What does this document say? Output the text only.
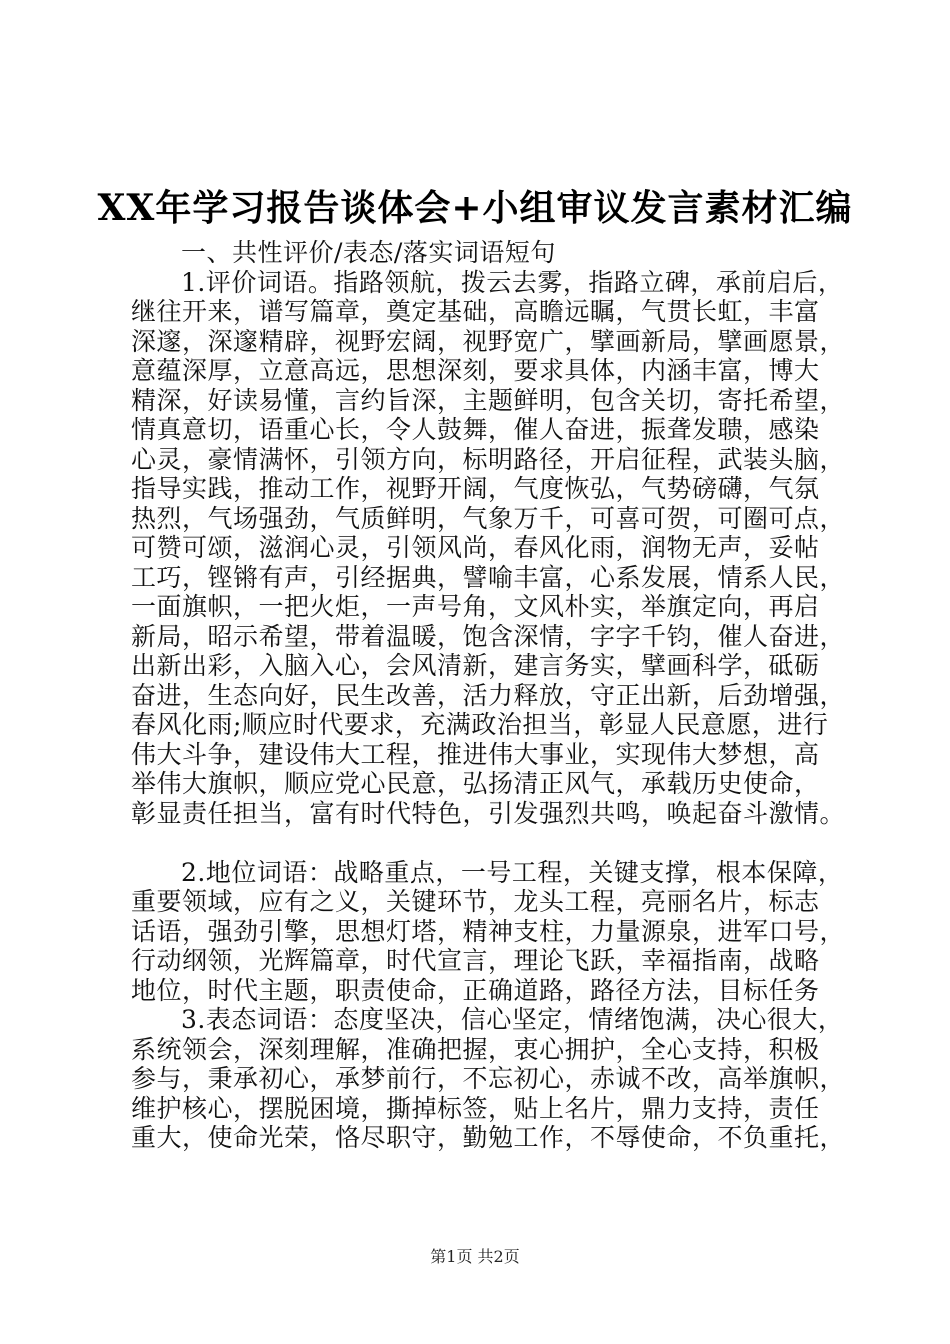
XX年学习报告谈体会+小组审议发言素材汇编
一、共性评价/表态/落实词语短句
1.评价词语。指路领航，拨云去雾，指路立碑，承前启后，
继往开来，谱写篇章，奠定基础，高瞻远瞩，气贯长虹，丰富
深邃，深邃精辟，视野宏阔，视野宽广，擘画新局，擘画愿景，
意蕴深厚，立意高远，思想深刻，要求具体，内涵丰富，博大
精深，好读易懂，言约旨深，主题鲜明，包含关切，寄托希望，
情真意切，语重心长，令人鼓舞，催人奋进，振聋发聩，感染
心灵，豪情满怀，引领方向，标明路径，开启征程，武装头脑，
指导实践，推动工作，视野开阔，气度恢弘，气势磅礴，气氛
热烈，气场强劲，气质鲜明，气象万千，可喜可贺，可圈可点，
可赞可颂，滋润心灵，引领风尚，春风化雨，润物无声，妥帖
工巧，铿锵有声，引经据典，譬喻丰富，心系发展，情系人民，
一面旗帜，一把火炬，一声号角，文风朴实，举旗定向，再启
新局，昭示希望，带着温暖，饱含深情，字字千钧，催人奋进，
出新出彩，入脑入心，会风清新，建言务实，擘画科学，砥砺
奋进，生态向好，民生改善，活力释放，守正出新，后劲增强，
春风化雨;顺应时代要求，充满政治担当，彰显人民意愿，进行
伟大斗争，建设伟大工程，推进伟大事业，实现伟大梦想，高
举伟大旗帜，顺应党心民意，弘扬清正风气，承载历史使命，
彰显责任担当，富有时代特色，引发强烈共鸣，唤起奋斗激情。
2.地位词语：战略重点，一号工程，关键支撑，根本保障，
重要领域，应有之义，关键环节，龙头工程，亮丽名片，标志
话语，强劲引擎，思想灯塔，精神支柱，力量源泉，进军口号，
行动纲领，光辉篇章，时代宣言，理论飞跃，幸福指南，战略
地位，时代主题，职责使命，正确道路，路径方法，目标任务
3.表态词语：态度坚决，信心坚定，情绪饱满，决心很大，
系统领会，深刻理解，准确把握，衷心拥护，全心支持，积极
参与，秉承初心，承梦前行，不忘初心，赤诚不改，高举旗帜，
维护核心，摆脱困境，撕掉标签，贴上名片，鼎力支持，责任
重大，使命光荣，恪尽职守，勤勉工作，不辱使命，不负重托，
第1页 共2页
